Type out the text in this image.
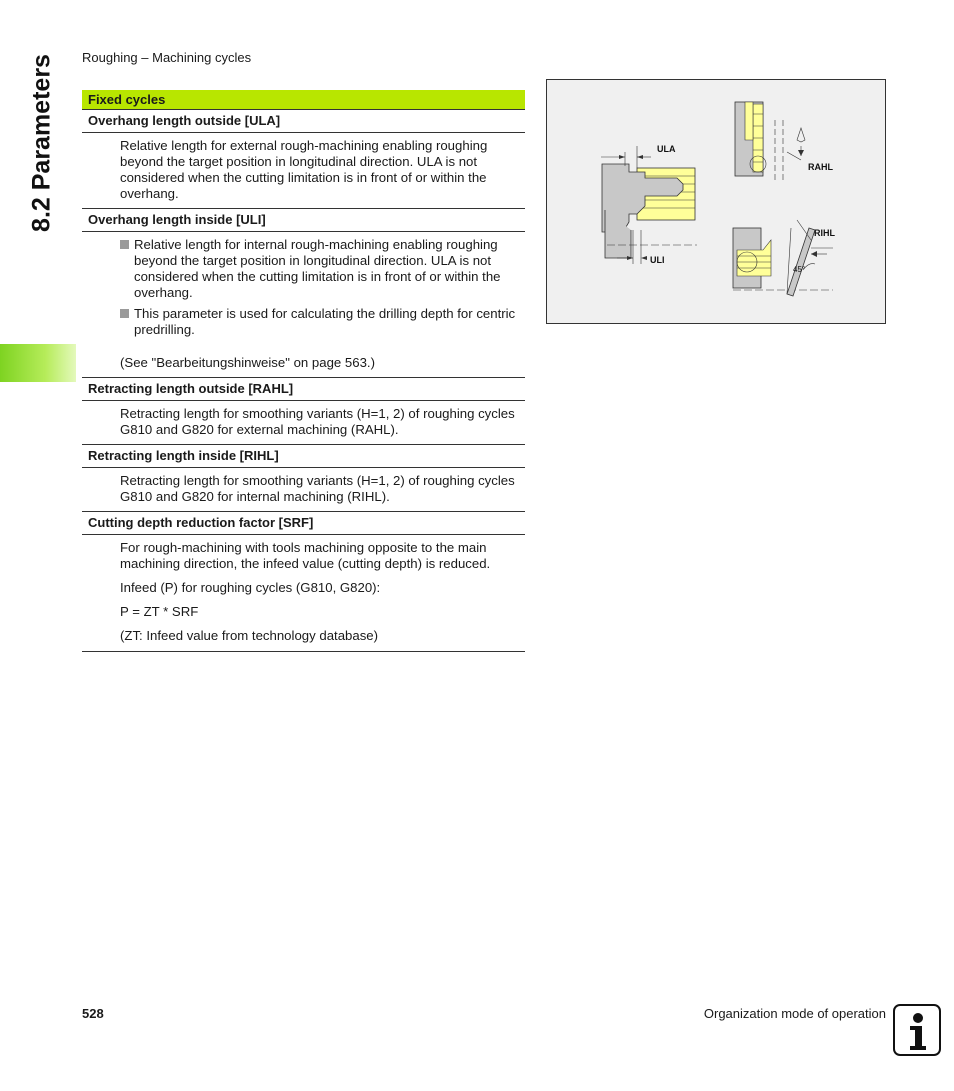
Roughing – Machining cycles
8.2 Parameters	Fixed cycles
Overhang length outside [ULA]

Relative length for external rough-machining enabling roughing beyond the target position in longitudinal direction. ULA is not considered when the cutting limitation is in front of or within the overhang.

Overhang length inside [ULI]
Relative length for internal rough-machining enabling roughing beyond the target position in longitudinal direction. ULA is not considered when the cutting limitation is in front of or within the overhang.
This parameter is used for calculating the drilling depth for centric predrilling.

(See "Bearbeitungshinweise" on page 563.)

Retracting length outside [RAHL]

Retracting length for smoothing variants (H=1, 2) of roughing cycles G810 and G820 for external machining (RAHL).

Retracting length inside [RIHL]

Retracting length for smoothing variants (H=1, 2) of roughing cycles G810 and G820 for internal machining (RIHL).

Cutting depth reduction factor [SRF]

For rough-machining with tools machining opposite to the main machining direction, the infeed value (cutting depth) is reduced.

Infeed (P) for roughing cycles (G810, G820):

P = ZT * SRF

(ZT: Infeed value from technology database)

ULA
ULI
RAHL
RIHL
45°
528	Organization mode of operation
